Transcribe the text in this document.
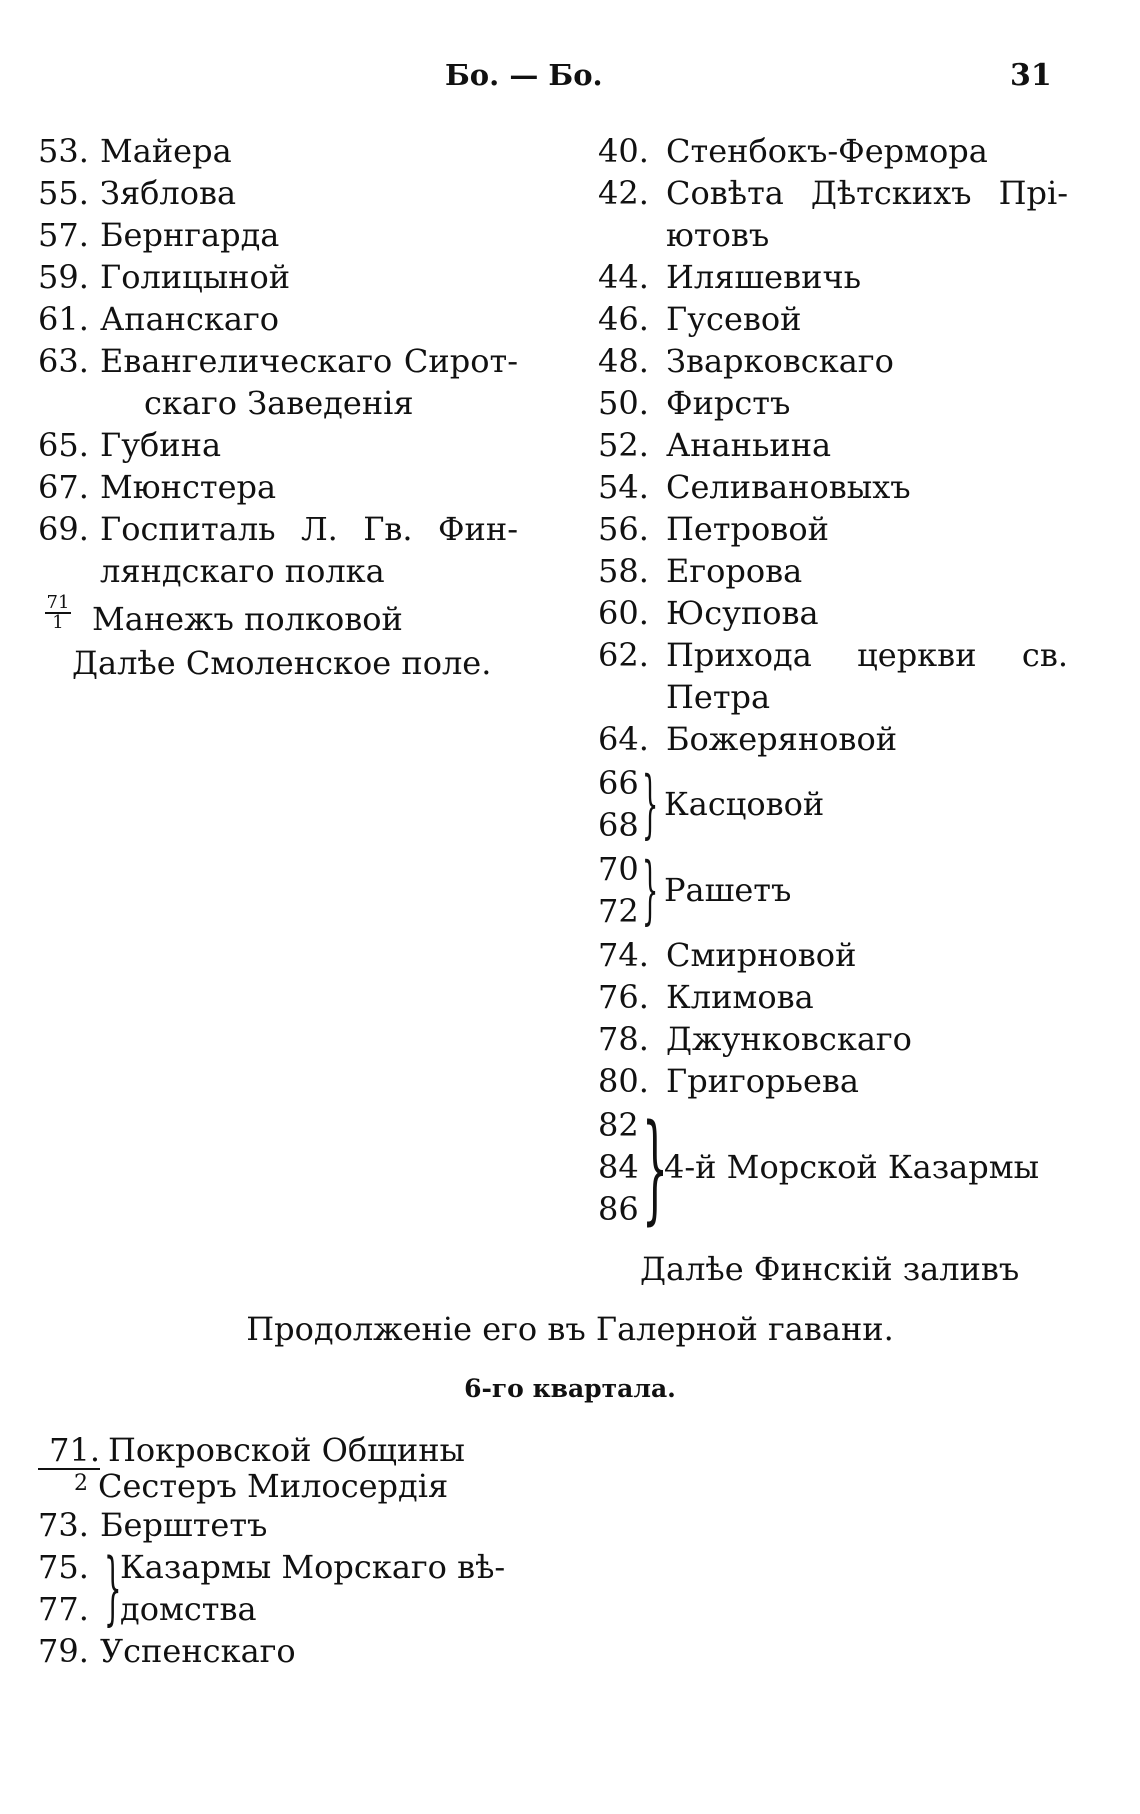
Бо. — Бо.	31
53. Майера
55. Зяблова
57. Бернгарда
59. Голицыной
61. Апанскаго
63. Евангелическаго Сирот-
скаго Заведенія
65. Губина
67. Мюнстера
69. Госпиталь Л. Гв. Фин-
ляндскаго полка
$\frac{71}{1}$ Манежъ полковой
Далѣе Смоленское поле.
40. Стенбокъ-Фермора
42. Совѣта Дѣтскихъ Прі-
ютовъ
44. Иляшевичь
46. Гусевой
48. Зварковскаго
50. Фирстъ
52. Ананьина
54. Селивановыхъ
56. Петровой
58. Егорова
60. Юсупова
62. Прихода церкви св.
Петра
64. Божеряновой
66
68 } Касцовой
70
72 } Рашетъ
74. Смирновой
76. Климова
78. Джунковскаго
80. Григорьева
82
84
86 }
4-й Морской Казармы
Далѣе Финскій заливъ
Продолженіе его въ Галерной гавани.
6-го квартала.
71.
2
Покровской Общины
Сестеръ Милосердія
73. Берштетъ
75.
77. }
Казармы Морскаго вѣ-
домства
79. Успенскаго
